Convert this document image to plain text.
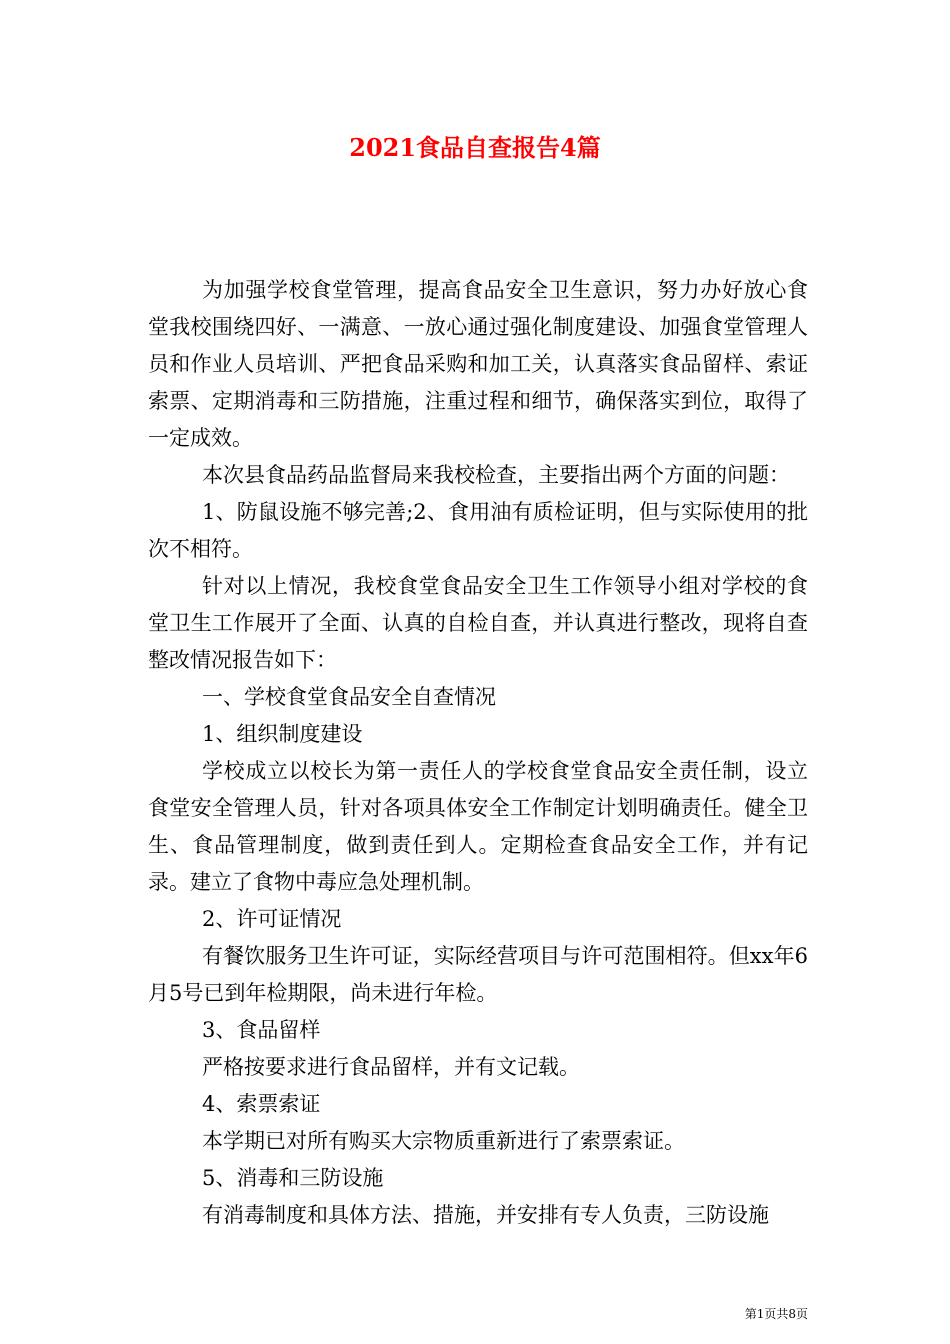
2021食品自查报告4篇

为加强学校食堂管理，提高食品安全卫生意识，努力办好放心食堂我校围绕四好、一满意、一放心通过强化制度建设、加强食堂管理人员和作业人员培训、严把食品采购和加工关，认真落实食品留样、索证索票、定期消毒和三防措施，注重过程和细节，确保落实到位，取得了一定成效。

本次县食品药品监督局来我校检查，主要指出两个方面的问题：

1、防鼠设施不够完善;2、食用油有质检证明，但与实际使用的批次不相符。

针对以上情况，我校食堂食品安全卫生工作领导小组对学校的食堂卫生工作展开了全面、认真的自检自查，并认真进行整改，现将自查整改情况报告如下：

一、学校食堂食品安全自查情况

1、组织制度建设

学校成立以校长为第一责任人的学校食堂食品安全责任制，设立食堂安全管理人员，针对各项具体安全工作制定计划明确责任。健全卫生、食品管理制度，做到责任到人。定期检查食品安全工作，并有记录。建立了食物中毒应急处理机制。

2、许可证情况

有餐饮服务卫生许可证，实际经营项目与许可范围相符。但xx年6月5号已到年检期限，尚未进行年检。

3、食品留样

严格按要求进行食品留样，并有文记载。

4、索票索证

本学期已对所有购买大宗物质重新进行了索票索证。

5、消毒和三防设施

有消毒制度和具体方法、措施，并安排有专人负责，三防设施

第1页共8页
